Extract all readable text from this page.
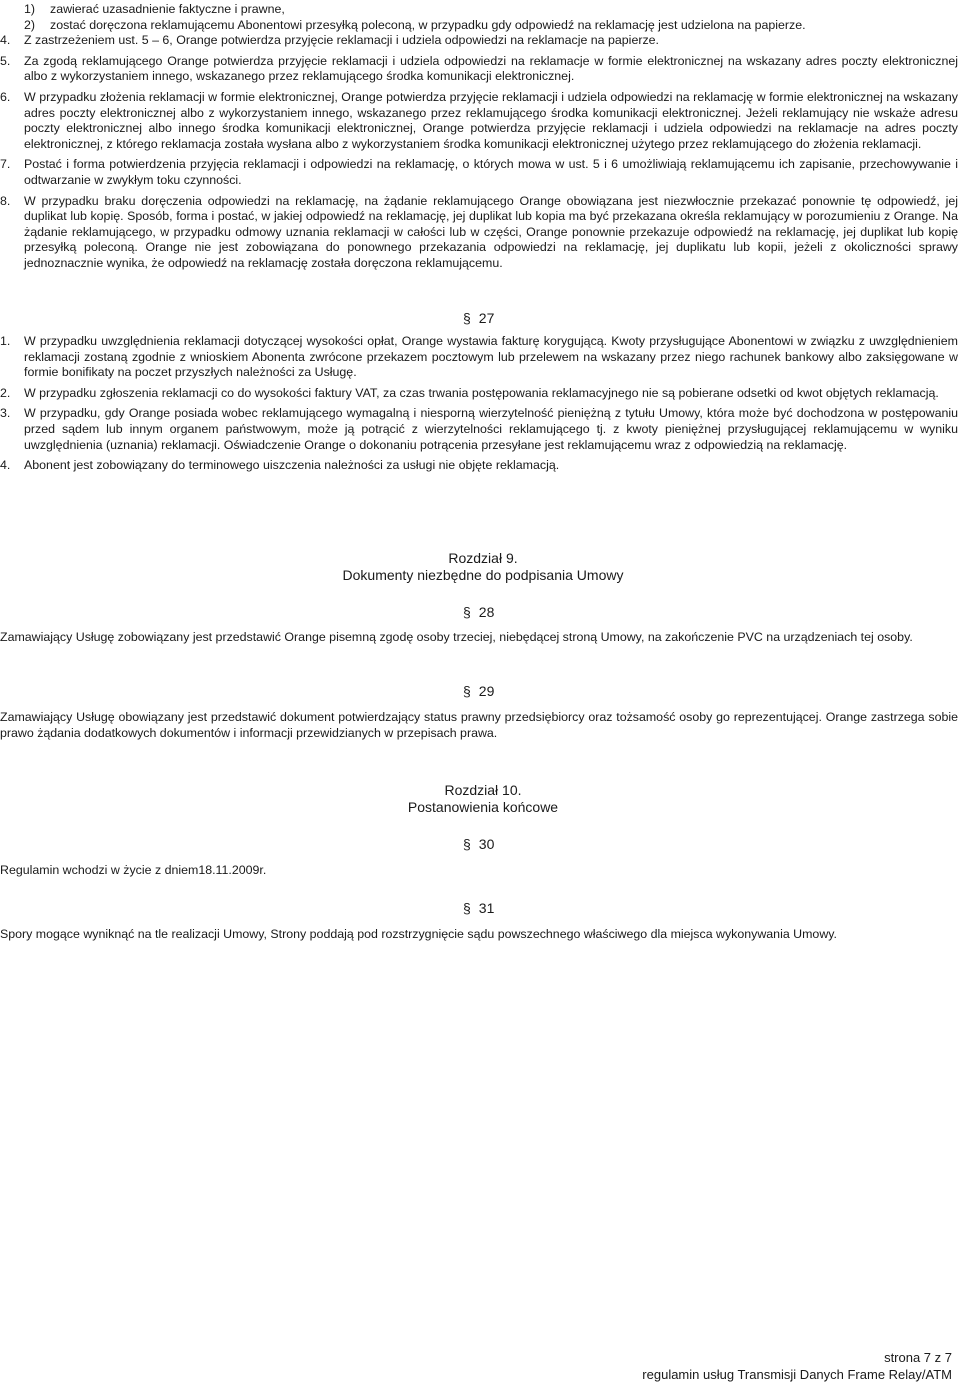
1)	zawierać uzasadnienie faktyczne i prawne,
2)	zostać doręczona reklamującemu Abonentowi przesyłką poleconą, w przypadku gdy odpowiedź na reklamację jest udzielona na papierze.
4.	Z zastrzeżeniem ust. 5 – 6, Orange potwierdza przyjęcie reklamacji i udziela odpowiedzi na reklamacje na papierze.
5.	Za zgodą reklamującego Orange potwierdza przyjęcie reklamacji i udziela odpowiedzi na reklamacje w formie elektronicznej na wskazany adres poczty elektronicznej albo z wykorzystaniem innego, wskazanego przez reklamującego środka komunikacji elektronicznej.
6.	W przypadku złożenia reklamacji w formie elektronicznej, Orange potwierdza przyjęcie reklamacji i udziela odpowiedzi na reklamację w formie elektronicznej na wskazany adres poczty elektronicznej albo z wykorzystaniem innego, wskazanego przez reklamującego środka komunikacji elektronicznej. Jeżeli reklamujący nie wskaże adresu poczty elektronicznej albo innego środka komunikacji elektronicznej, Orange potwierdza przyjęcie reklamacji i udziela odpowiedzi na reklamacje na adres poczty elektronicznej, z którego reklamacja została wysłana albo z wykorzystaniem środka komunikacji elektronicznej użytego przez reklamującego do złożenia reklamacji.
7.	Postać i forma potwierdzenia przyjęcia reklamacji i odpowiedzi na reklamację, o których mowa w ust. 5 i 6 umożliwiają reklamującemu ich zapisanie, przechowywanie i odtwarzanie w zwykłym toku czynności.
8.	W przypadku braku doręczenia odpowiedzi na reklamację, na żądanie reklamującego Orange obowiązana jest niezwłocznie przekazać ponownie tę odpowiedź, jej duplikat lub kopię. Sposób, forma i postać, w jakiej odpowiedź na reklamację, jej duplikat lub kopia ma być przekazana określa reklamujący w porozumieniu z Orange. Na żądanie reklamującego, w przypadku odmowy uznania reklamacji w całości lub w części, Orange ponownie przekazuje odpowiedź na reklamację, jej duplikat lub kopię przesyłką poleconą. Orange nie jest zobowiązana do ponownego przekazania odpowiedzi na reklamację, jej duplikatu lub kopii, jeżeli z okoliczności sprawy jednoznacznie wynika, że odpowiedź na reklamację została doręczona reklamującemu.
§ 27
1.	W przypadku uwzględnienia reklamacji dotyczącej wysokości opłat, Orange wystawia fakturę korygującą. Kwoty przysługujące Abonentowi w związku z uwzględnieniem reklamacji zostaną zgodnie z wnioskiem Abonenta zwrócone przekazem pocztowym lub przelewem na wskazany przez niego rachunek bankowy albo zaksięgowane w formie bonifikaty na poczet przyszłych należności za Usługę.
2.	W przypadku zgłoszenia reklamacji co do wysokości faktury VAT, za czas trwania postępowania reklamacyjnego nie są pobierane odsetki od kwot objętych reklamacją.
3.	W przypadku, gdy Orange posiada wobec reklamującego wymagalną i niesporną wierzytelność pieniężną z tytułu Umowy, która może być dochodzona w postępowaniu przed sądem lub innym organem państwowym, może ją potrącić z wierzytelności reklamującego tj. z kwoty pieniężnej przysługującej reklamującemu w wyniku uwzględnienia (uznania) reklamacji. Oświadczenie Orange o dokonaniu potrącenia przesyłane jest reklamującemu wraz z odpowiedzią na reklamację.
4.	Abonent jest zobowiązany do terminowego uiszczenia należności za usługi nie objęte reklamacją.
Rozdział 9.
Dokumenty niezbędne do podpisania Umowy
§ 28

Zamawiający Usługę zobowiązany jest przedstawić Orange pisemną zgodę osoby trzeciej, niebędącej stroną Umowy, na zakończenie PVC na urządzeniach tej osoby.

§ 29

Zamawiający Usługę obowiązany jest przedstawić dokument potwierdzający status prawny przedsiębiorcy oraz tożsamość osoby go reprezentującej. Orange zastrzega sobie prawo żądania dodatkowych dokumentów i informacji przewidzianych w przepisach prawa.

Rozdział 10.
Postanowienia końcowe
§ 30

Regulamin wchodzi w życie z dniem18.11.2009r.

§ 31

Spory mogące wyniknąć na tle realizacji Umowy, Strony poddają pod rozstrzygnięcie sądu powszechnego właściwego dla miejsca wykonywania Umowy.

strona 7 z 7
regulamin usług Transmisji Danych Frame Relay/ATM
